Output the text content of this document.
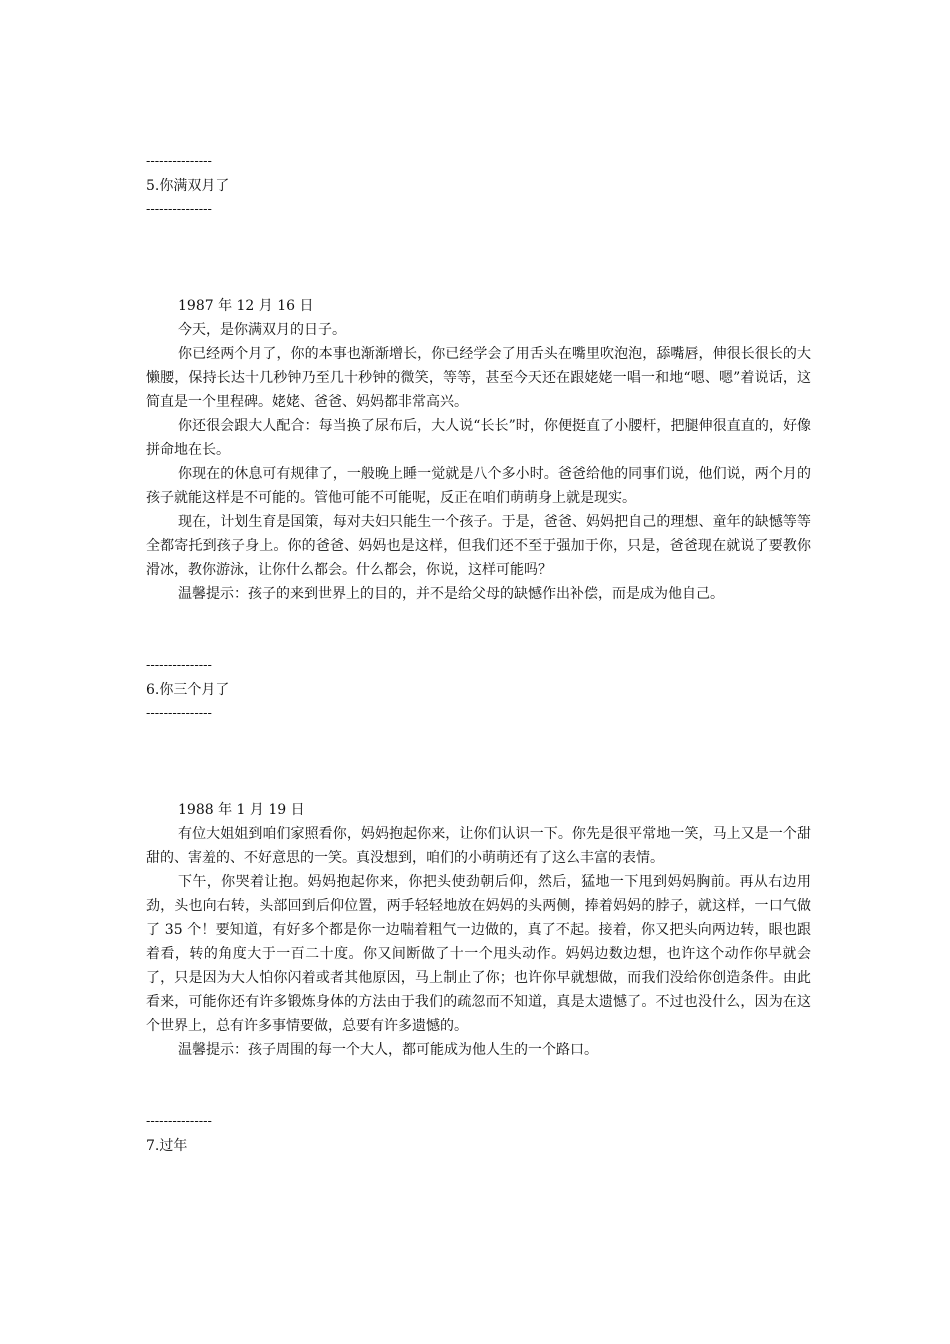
---------------
5.你满双月了
---------------

1987 年 12 月 16 日

今天，是你满双月的日子。

你已经两个月了，你的本事也渐渐增长，你已经学会了用舌头在嘴里吹泡泡，舔嘴唇，伸很长很长的大懒腰，保持长达十几秒钟乃至几十秒钟的微笑，等等，甚至今天还在跟姥姥一唱一和地“嗯、嗯”着说话，这简直是一个里程碑。姥姥、爸爸、妈妈都非常高兴。

你还很会跟大人配合：每当换了尿布后，大人说“长长”时，你便挺直了小腰杆，把腿伸很直直的，好像拼命地在长。

你现在的休息可有规律了，一般晚上睡一觉就是八个多小时。爸爸给他的同事们说，他们说，两个月的孩子就能这样是不可能的。管他可能不可能呢，反正在咱们萌萌身上就是现实。

现在，计划生育是国策，每对夫妇只能生一个孩子。于是，爸爸、妈妈把自己的理想、童年的缺憾等等全都寄托到孩子身上。你的爸爸、妈妈也是这样，但我们还不至于强加于你，只是，爸爸现在就说了要教你滑冰，教你游泳，让你什么都会。什么都会，你说，这样可能吗？

温馨提示：孩子的来到世界上的目的，并不是给父母的缺憾作出补偿，而是成为他自己。

---------------
6.你三个月了
---------------

1988 年 1 月 19 日

有位大姐姐到咱们家照看你，妈妈抱起你来，让你们认识一下。你先是很平常地一笑，马上又是一个甜甜的、害羞的、不好意思的一笑。真没想到，咱们的小萌萌还有了这么丰富的表情。

下午，你哭着让抱。妈妈抱起你来，你把头使劲朝后仰，然后，猛地一下甩到妈妈胸前。再从右边用劲，头也向右转，头部回到后仰位置，两手轻轻地放在妈妈的头两侧，捧着妈妈的脖子，就这样，一口气做了 35 个！要知道，有好多个都是你一边喘着粗气一边做的，真了不起。接着，你又把头向两边转，眼也跟着看，转的角度大于一百二十度。你又间断做了十一个甩头动作。妈妈边数边想，也许这个动作你早就会了，只是因为大人怕你闪着或者其他原因，马上制止了你；也许你早就想做，而我们没给你创造条件。由此看来，可能你还有许多锻炼身体的方法由于我们的疏忽而不知道，真是太遗憾了。不过也没什么，因为在这个世界上，总有许多事情要做，总要有许多遗憾的。

温馨提示：孩子周围的每一个大人，都可能成为他人生的一个路口。

---------------
7.过年
